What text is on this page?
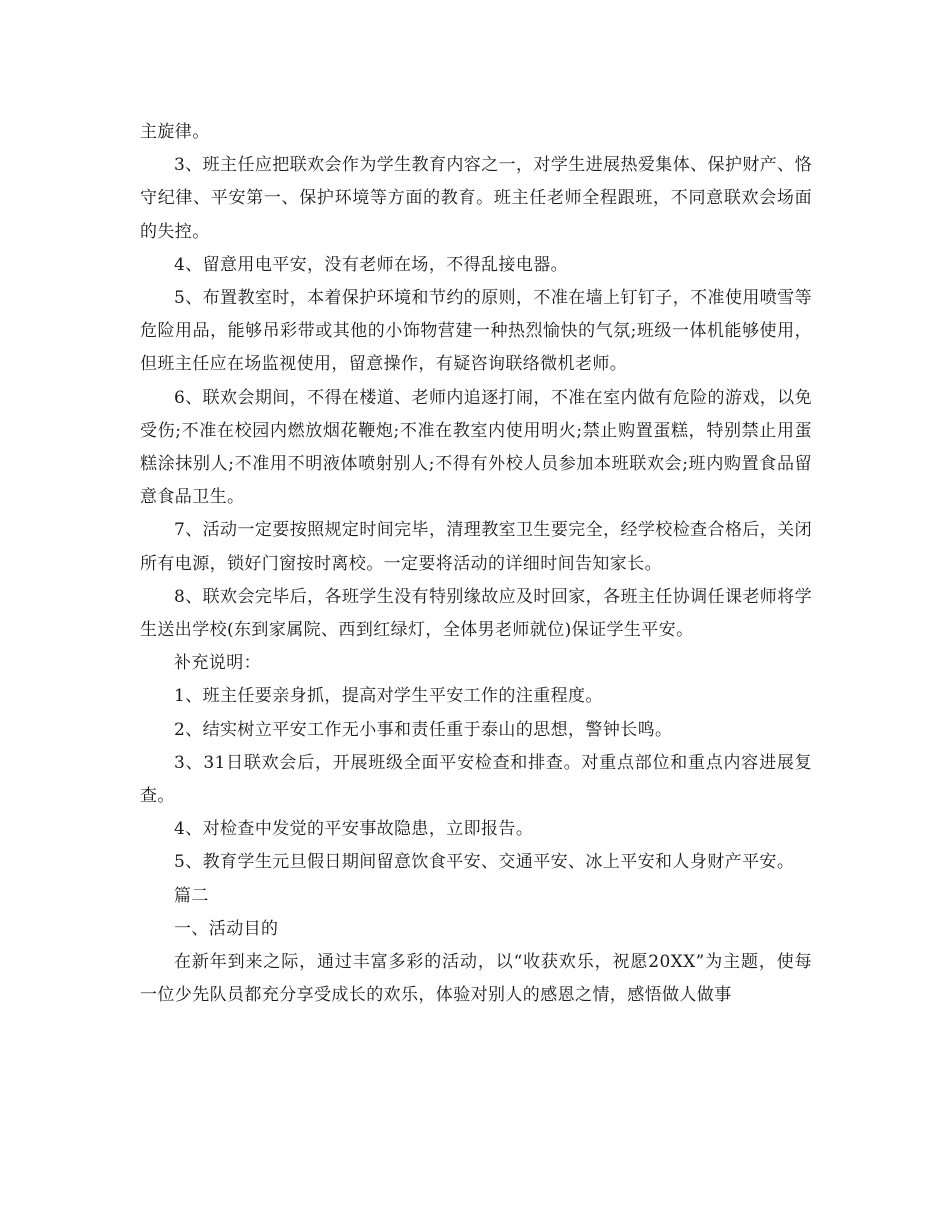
主旋律。

3、班主任应把联欢会作为学生教育内容之一，对学生进展热爱集体、保护财产、恪守纪律、平安第一、保护环境等方面的教育。班主任老师全程跟班，不同意联欢会场面的失控。

4、留意用电平安，没有老师在场，不得乱接电器。

5、布置教室时，本着保护环境和节约的原则，不准在墙上钉钉子，不准使用喷雪等危险用品，能够吊彩带或其他的小饰物营建一种热烈愉快的气氛;班级一体机能够使用，但班主任应在场监视使用，留意操作，有疑咨询联络微机老师。

6、联欢会期间，不得在楼道、老师内追逐打闹，不准在室内做有危险的游戏，以免受伤;不准在校园内燃放烟花鞭炮;不准在教室内使用明火;禁止购置蛋糕，特别禁止用蛋糕涂抹别人;不准用不明液体喷射别人;不得有外校人员参加本班联欢会;班内购置食品留意食品卫生。

7、活动一定要按照规定时间完毕，清理教室卫生要完全，经学校检查合格后，关闭所有电源，锁好门窗按时离校。一定要将活动的详细时间告知家长。

8、联欢会完毕后，各班学生没有特别缘故应及时回家，各班主任协调任课老师将学生送出学校(东到家属院、西到红绿灯，全体男老师就位)保证学生平安。

补充说明：

1、班主任要亲身抓，提高对学生平安工作的注重程度。

2、结实树立平安工作无小事和责任重于泰山的思想，警钟长鸣。

3、31日联欢会后，开展班级全面平安检查和排查。对重点部位和重点内容进展复查。

4、对检查中发觉的平安事故隐患，立即报告。

5、教育学生元旦假日期间留意饮食平安、交通平安、冰上平安和人身财产平安。

篇二

一、活动目的

在新年到来之际，通过丰富多彩的活动，以“收获欢乐，祝愿20XX”为主题，使每一位少先队员都充分享受成长的欢乐，体验对别人的感恩之情，感悟做人做事
